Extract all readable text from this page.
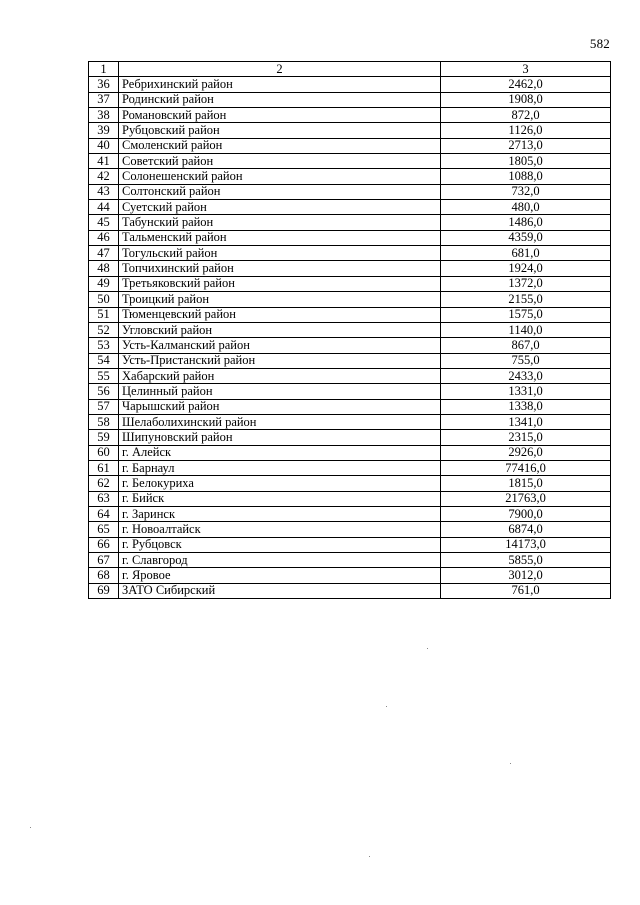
582
1	2	3
36	Ребрихинский район	2462,0
37	Родинский район	1908,0
38	Романовский район	872,0
39	Рубцовский район	1126,0
40	Смоленский район	2713,0
41	Советский район	1805,0
42	Солонешенский район	1088,0
43	Солтонский район	732,0
44	Суетский район	480,0
45	Табунский район	1486,0
46	Тальменский район	4359,0
47	Тогульский район	681,0
48	Топчихинский район	1924,0
49	Третьяковский район	1372,0
50	Троицкий район	2155,0
51	Тюменцевский район	1575,0
52	Угловский район	1140,0
53	Усть-Калманский район	867,0
54	Усть-Пристанский район	755,0
55	Хабарский район	2433,0
56	Целинный район	1331,0
57	Чарышский район	1338,0
58	Шелаболихинский район	1341,0
59	Шипуновский район	2315,0
60	г. Алейск	2926,0
61	г. Барнаул	77416,0
62	г. Белокуриха	1815,0
63	г. Бийск	21763,0
64	г. Заринск	7900,0
65	г. Новоалтайск	6874,0
66	г. Рубцовск	14173,0
67	г. Славгород	5855,0
68	г. Яровое	3012,0
69	ЗАТО Сибирский	761,0
